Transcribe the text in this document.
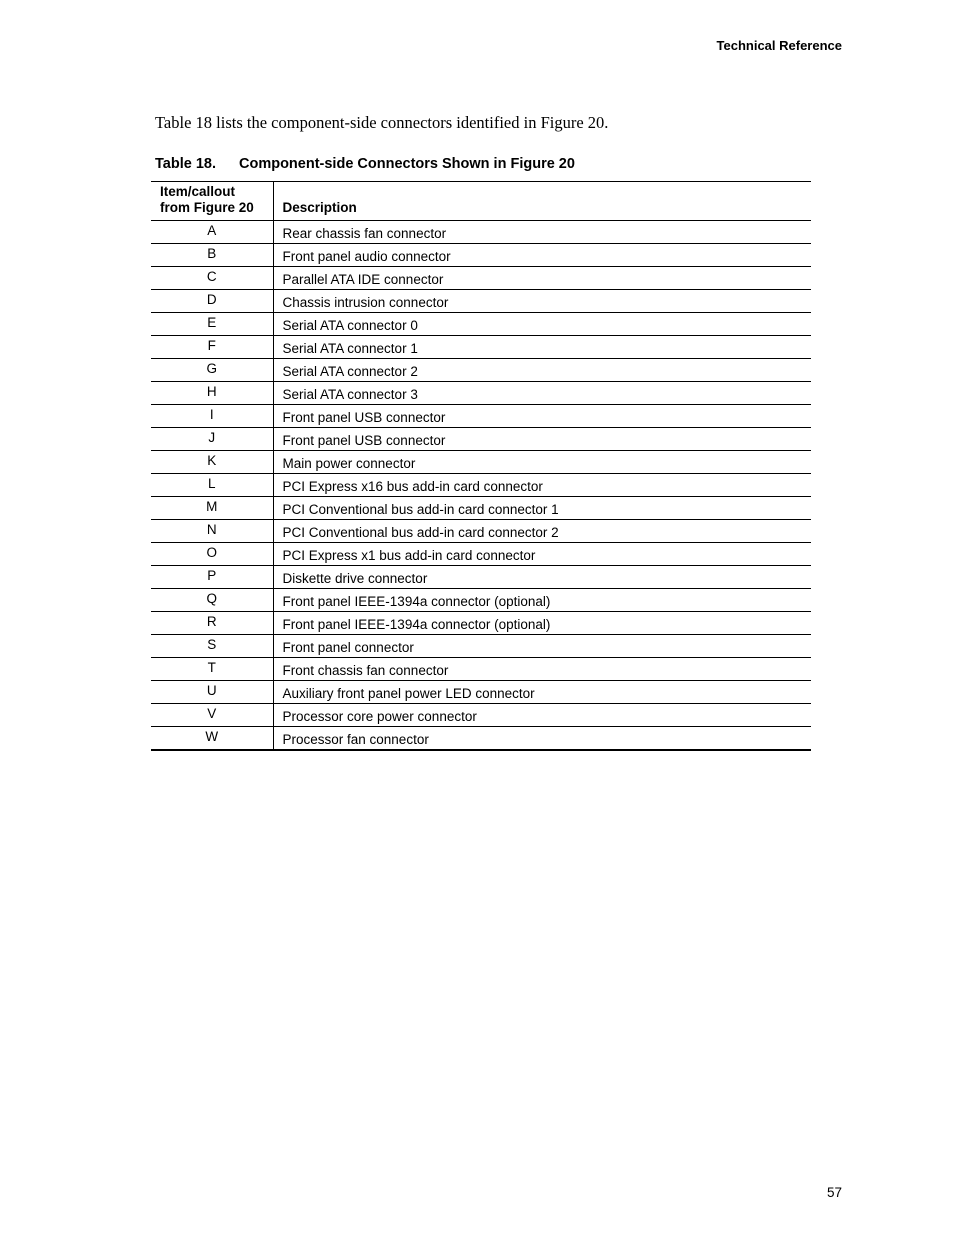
Technical Reference

Table 18 lists the component-side connectors identified in Figure 20.

Table 18. Component-side Connectors Shown in Figure 20
Item/callout
from Figure 20	Description
A	Rear chassis fan connector
B	Front panel audio connector
C	Parallel ATA IDE connector
D	Chassis intrusion connector
E	Serial ATA connector 0
F	Serial ATA connector 1
G	Serial ATA connector 2
H	Serial ATA connector 3
I	Front panel USB connector
J	Front panel USB connector
K	Main power connector
L	PCI Express x16 bus add-in card connector
M	PCI Conventional bus add-in card connector 1
N	PCI Conventional bus add-in card connector 2
O	PCI Express x1 bus add-in card connector
P	Diskette drive connector
Q	Front panel IEEE-1394a connector (optional)
R	Front panel IEEE-1394a connector (optional)
S	Front panel connector
T	Front chassis fan connector
U	Auxiliary front panel power LED connector
V	Processor core power connector
W	Processor fan connector
57
